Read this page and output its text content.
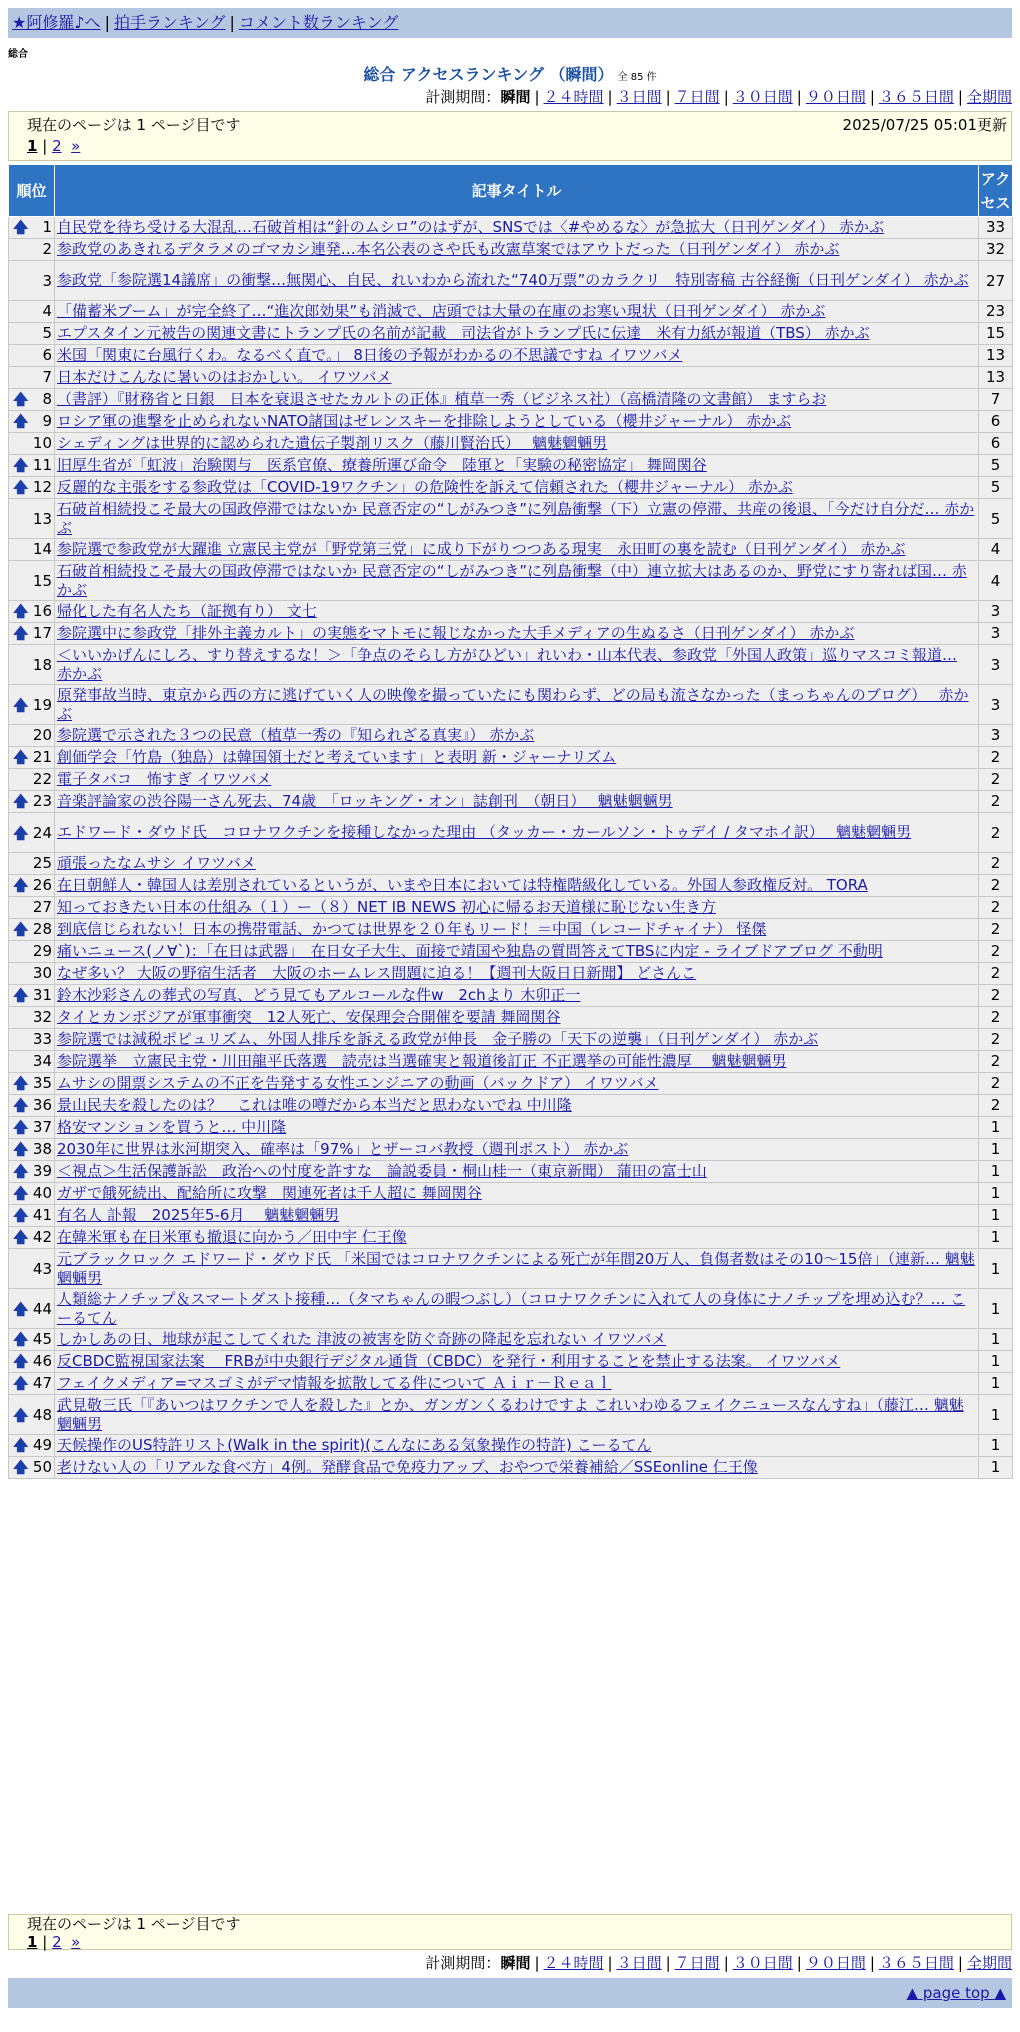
★阿修羅♪へ | 拍手ランキング | コメント数ランキング
総合
総合 アクセスランキング （瞬間） 全 85 件
計測期間：瞬間 | ２４時間 | ３日間 | ７日間 | ３０日間 | ９０日間 | ３６５日間 | 全期間
現在のページは 1 ページ目です	2025/07/25 05:01更新
1 | 2 »
順位	記事タイトル	アクセス

🡅 1	自民党を待ち受ける大混乱…石破首相は“針のムシロ”のはずが、SNSでは〈#やめるな〉が急拡大（日刊ゲンダイ） 赤かぶ	33
2	参政党のあきれるデタラメのゴマカシ連発…本名公表のさや氏も改憲草案ではアウトだった（日刊ゲンダイ） 赤かぶ	32
3	参政党「参院選14議席」の衝撃…無関心、自民、れいわから流れた“740万票”のカラクリ　特別寄稿 古谷経衡（日刊ゲンダイ） 赤かぶ	27
4	「備蓄米ブーム」が完全終了…“進次郎効果”も消滅で、店頭では大量の在庫のお寒い現状（日刊ゲンダイ） 赤かぶ	23
5	エプスタイン元被告の関連文書にトランプ氏の名前が記載　司法省がトランプ氏に伝達　米有力紙が報道（TBS） 赤かぶ	15
6	米国「関東に台風行くわ。なるべく直で。」 8日後の予報がわかるの不思議ですね イワツバメ	13
7	日本だけこんなに暑いのはおかしい。 イワツバメ	13

🡅 8	（書評）『財務省と日銀　日本を衰退させたカルトの正体』植草一秀（ビジネス社）（高橋清隆の文書館） ますらお	7

🡅 9	ロシア軍の進撃を止められないNATO諸国はゼレンスキーを排除しようとしている（櫻井ジャーナル） 赤かぶ	6
10	シェディングは世界的に認められた遺伝子製剤リスク（藤川賢治氏）　 魑魅魍魎男	6

🡅 11	旧厚生省が「虹波」治験関与　医系官僚、療養所運び命令　陸軍と「実験の秘密協定」 舞岡関谷	5

🡅 12	反麗的な主張をする参政党は「COVID-19ワクチン」の危険性を訴えて信頼された（櫻井ジャーナル） 赤かぶ	5
13	石破首相続投こそ最大の国政停滞ではないか 民意否定の“しがみつき”に列島衝撃（下）立憲の停滞、共産の後退、「今だけ自分だ… 赤かぶ	5
14	参院選で参政党が大躍進 立憲民主党が「野党第三党」に成り下がりつつある現実　永田町の裏を読む（日刊ゲンダイ） 赤かぶ	4
15	石破首相続投こそ最大の国政停滞ではないか 民意否定の“しがみつき”に列島衝撃（中）連立拡大はあるのか、野党にすり寄れば国… 赤かぶ	4

🡅 16	帰化した有名人たち（証拠有り） 文七	3

🡅 17	参院選中に参政党「排外主義カルト」の実態をマトモに報じなかった大手メディアの生ぬるさ（日刊ゲンダイ） 赤かぶ	3
18	＜いいかげんにしろ、すり替えするな！＞「争点のそらし方がひどい」れいわ・山本代表、参政党「外国人政策」巡りマスコミ報道… 赤かぶ	3

🡅 19	原発事故当時、東京から西の方に逃げていく人の映像を撮っていたにも関わらず、どの局も流さなかった（まっちゃんのブログ）　 赤かぶ	3
20	参院選で示された３つの民意（植草一秀の『知られざる真実』） 赤かぶ	3

🡅 21	創価学会「竹島（独島）は韓国領土だと考えています」と表明 新・ジャーナリズム	2
22	電子タバコ　怖すぎ イワツバメ	2

🡅 23	音楽評論家の渋谷陽一さん死去、74歳　「ロッキング・オン」誌創刊　（朝日）　 魑魅魍魎男	2

🡅 24	エドワード・ダウド氏　コロナワクチンを接種しなかった理由 （タッカー・カールソン・トゥデイ / タマホイ訳）　 魑魅魍魎男	2
25	頑張ったなムサシ イワツバメ	2

🡅 26	在日朝鮮人・韓国人は差別されているというが、いまや日本においては特権階級化している。外国人参政権反対。 TORA	2
27	知っておきたい日本の仕組み（１）ー（８）NET IB NEWS 初心に帰るお天道様に恥じない生き方	2

🡅 28	到底信じられない！日本の携帯電話、かつては世界を２０年もリード！＝中国（レコードチャイナ） 怪傑	2
29	痛いニュース(ノ∀`)：「在日は武器」　在日女子大生、面接で靖国や独島の質問答えてTBSに内定 - ライブドアブログ 不動明	2
30	なぜ多い？ 大阪の野宿生活者　大阪のホームレス問題に迫る！【週刊大阪日日新聞】 どさんこ	2

🡅 31	鈴木沙彩さんの葬式の写真、どう見てもアルコールな件w　2chより 木卯正一	2
32	タイとカンボジアが軍事衝突　12人死亡、安保理会合開催を要請 舞岡関谷	2
33	参院選では減税ポピュリズム、外国人排斥を訴える政党が伸長　金子勝の「天下の逆襲」（日刊ゲンダイ） 赤かぶ	2
34	参院選挙　立憲民主党・川田龍平氏落選　読売は当選確実と報道後訂正 不正選挙の可能性濃厚　 魑魅魍魎男	2

🡅 35	ムサシの開票システムの不正を告発する女性エンジニアの動画（バックドア） イワツバメ	2

🡅 36	景山民夫を殺したのは？　これは唯の噂だから本当だと思わないでね 中川隆	2

🡅 37	格安マンションを買うと… 中川隆	1

🡅 38	2030年に世界は氷河期突入、確率は「97%」とザーコバ教授（週刊ポスト） 赤かぶ	1

🡅 39	＜視点＞生活保護訴訟　政治への忖度を許すな　論説委員・桐山桂一（東京新聞） 蒲田の富士山	1

🡅 40	ガザで餓死続出、配給所に攻撃　関連死者は千人超に 舞岡関谷	1

🡅 41	有名人 訃報　2025年5-6月　 魑魅魍魎男	1

🡅 42	在韓米軍も在日米軍も撤退に向かう／田中宇 仁王像	1
43	元ブラックロック エドワード・ダウド氏 「米国ではコロナワクチンによる死亡が年間20万人、負傷者数はその10〜15倍」（連新… 魑魅魍魎男	1

🡅 44	人類総ナノチップ＆スマートダスト接種…（タマちゃんの暇つぶし）（コロナワクチンに入れて人の身体にナノチップを埋め込む？… こーるてん	1

🡅 45	しかしあの日、地球が起こしてくれた 津波の被害を防ぐ奇跡の降起を忘れない イワツバメ	1

🡅 46	反CBDC監視国家法案　 FRBが中央銀行デジタル通貨（CBDC）を発行・利用することを禁止する法案。 イワツバメ	1

🡅 47	フェイクメディア=マスゴミがデマ情報を拡散してる件について Ａｉｒ－Ｒｅａｌ	1

🡅 48	武見敬三氏「『あいつはワクチンで人を殺した』とか、ガンガンくるわけですよ これいわゆるフェイクニュースなんすね」（藤江… 魑魅魍魎男	1

🡅 49	天候操作のUS特許リスト(Walk in the spirit)(こんなにある気象操作の特許) こーるてん	1

🡅 50	老けない人の「リアルな食べ方」4例。発酵食品で免疫力アップ、おやつで栄養補給／SSEonline 仁王像	1
現在のページは 1 ページ目です
1 | 2 »
計測期間：瞬間 | ２４時間 | ３日間 | ７日間 | ３０日間 | ９０日間 | ３６５日間 | 全期間
▲ page top ▲
